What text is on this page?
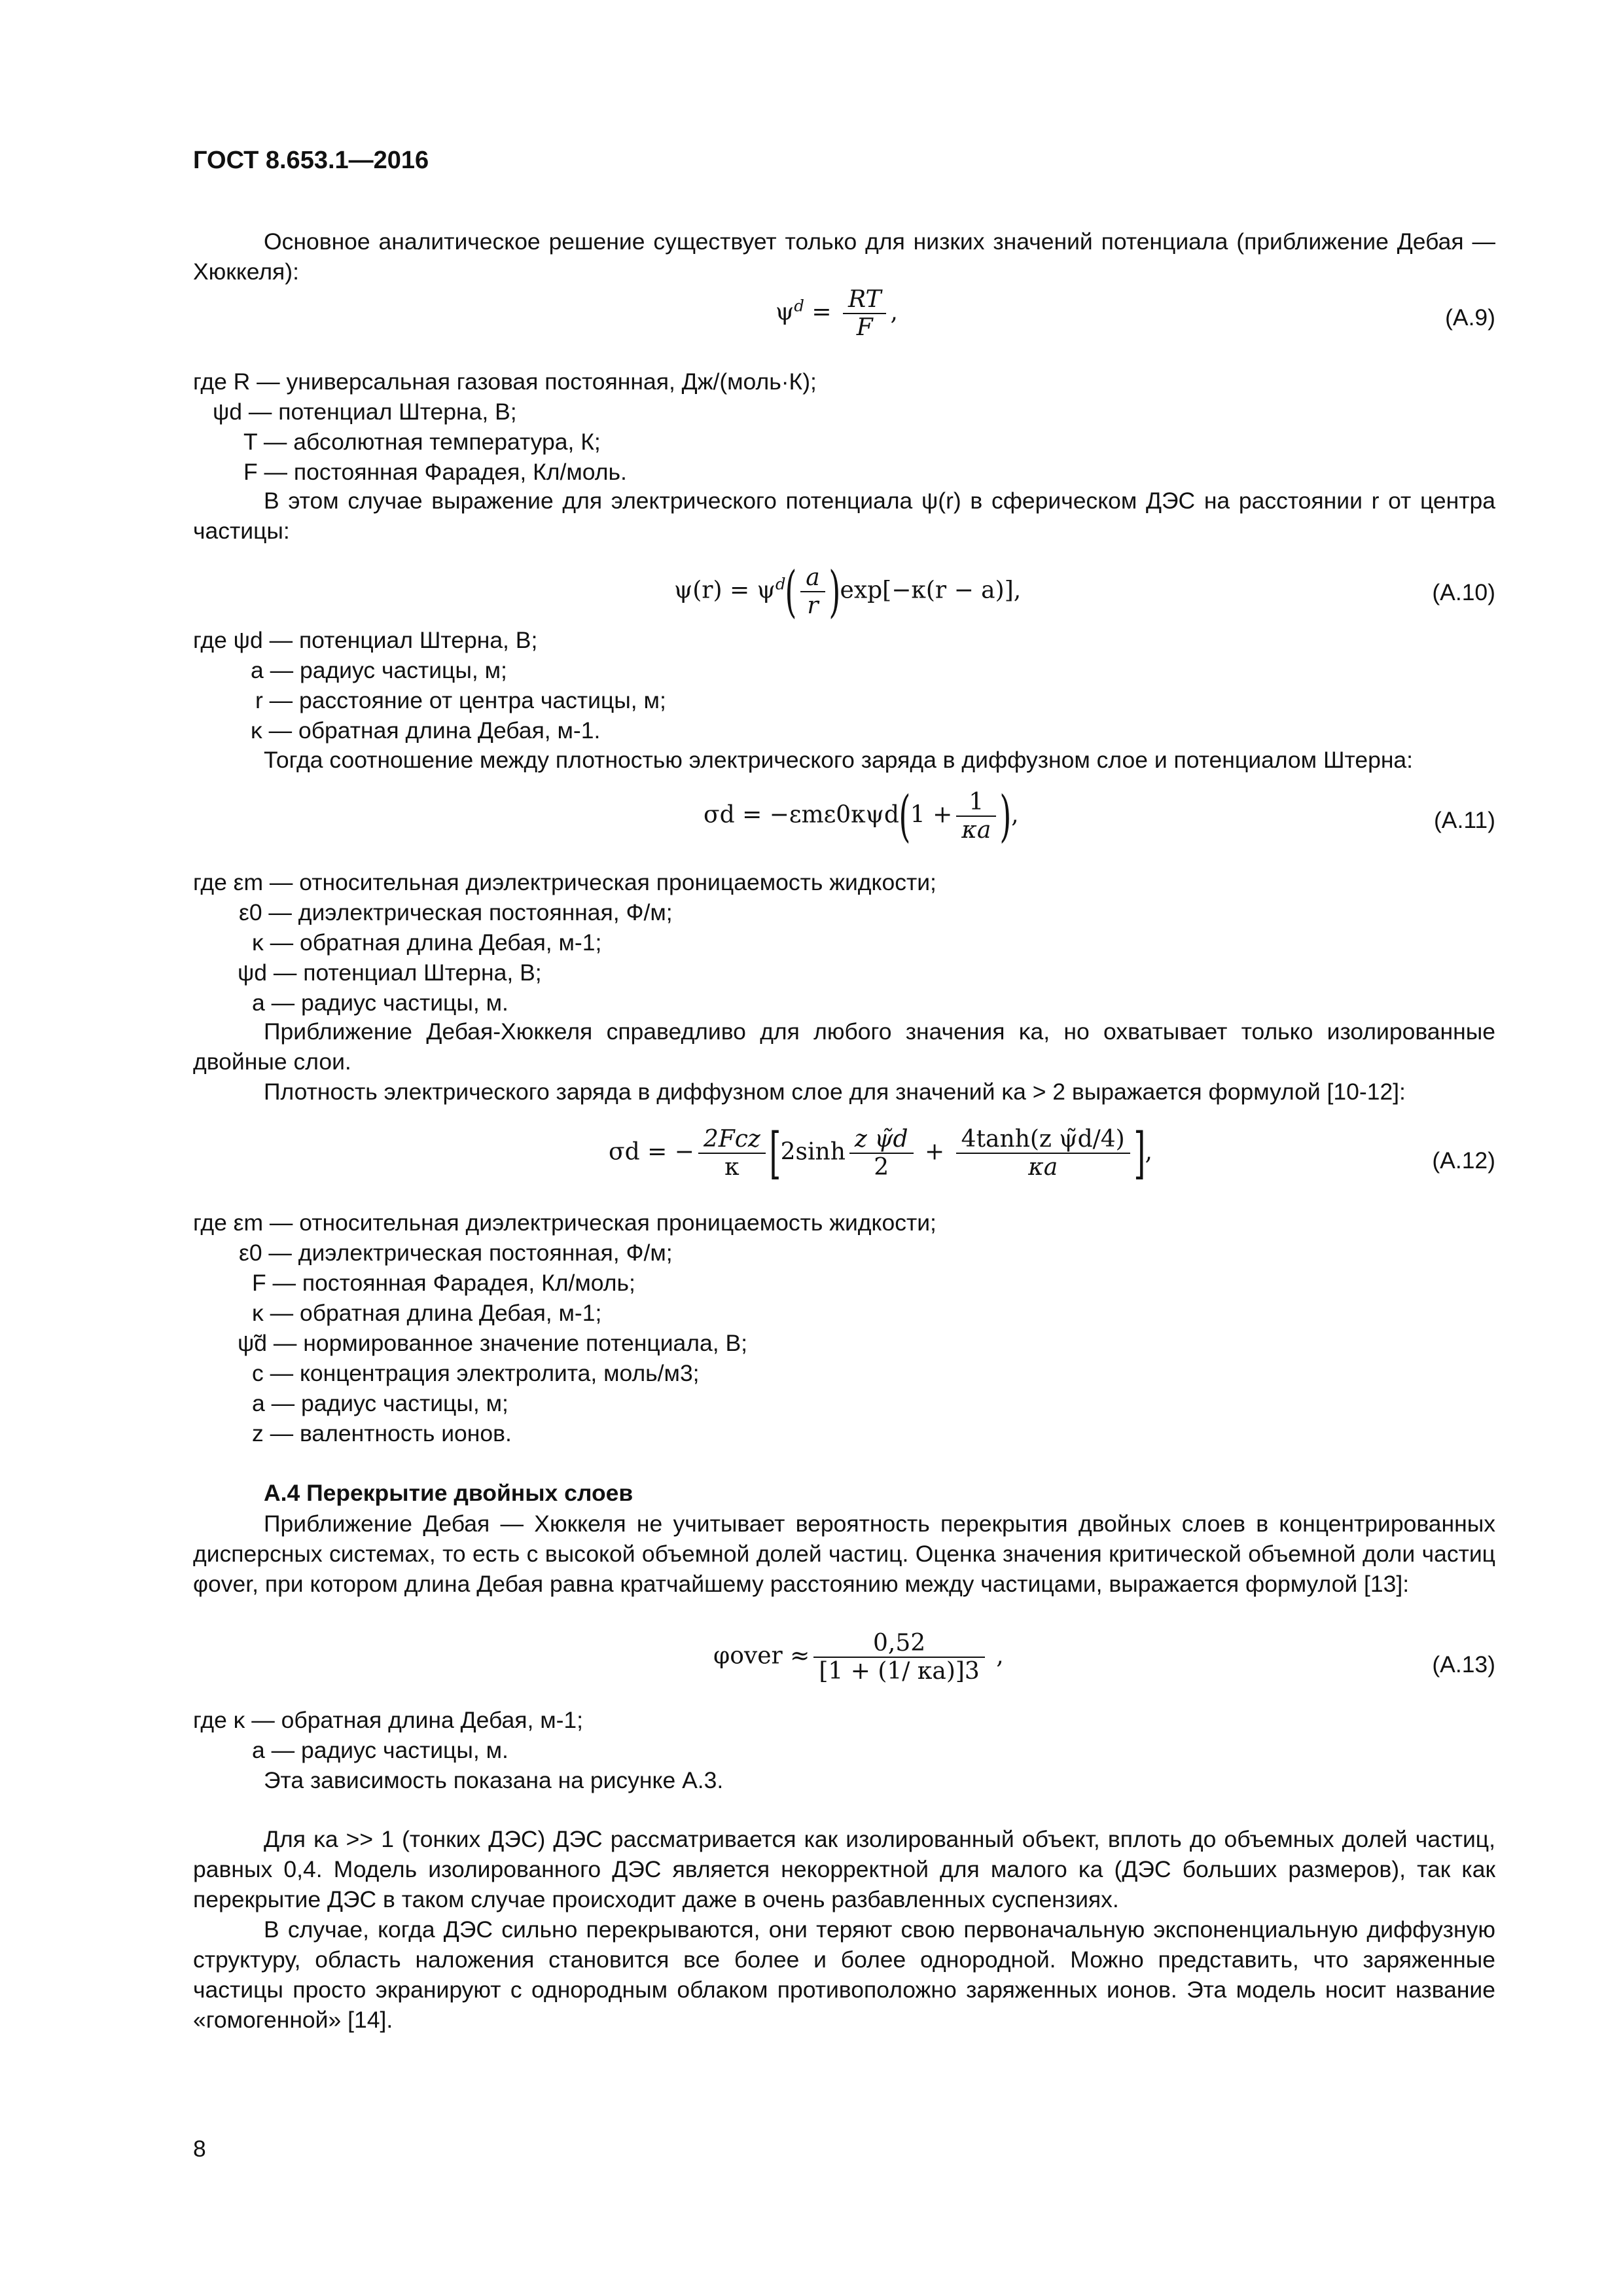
ГОСТ 8.653.1—2016
Основное аналитическое решение существует только для низких значений потенциала (приближение Дебая — Хюккеля):
$\psi^d = \frac{RT}{F}$ ,	(А.9)
где R — универсальная газовая постоянная, Дж/(моль·К);
ψd — потенциал Штерна, В;
T — абсолютная температура, К;
F — постоянная Фарадея, Кл/моль.
В этом случае выражение для электрического потенциала ψ(r) в сферическом ДЭС на расстоянии r от центра частицы:
$\psi(r) = \psi^d( \frac{a}{r} )\exp[-\kappa(r - a)]$,	(А.10)
где ψd — потенциал Штерна, В;
a — радиус частицы, м;
r — расстояние от центра частицы, м;
κ — обратная длина Дебая, м-1.
Тогда соотношение между плотностью электрического заряда в диффузном слое и потенциалом Штерна:
$\sigma d = -\varepsilon m\varepsilon 0\kappa\psi d(1 + \frac{1}{\kappa a}$ ),	(А.11)
где εm — относительная диэлектрическая проницаемость жидкости;
ε0 — диэлектрическая постоянная, Ф/м;
κ — обратная длина Дебая, м-1;
ψd — потенциал Штерна, В;
a — радиус частицы, м.
Приближение Дебая-Хюккеля справедливо для любого значения κa, но охватывает только изолированные двойные слои.
Плотность электрического заряда в диффузном слое для значений κa > 2 выражается формулой [10-12]:
σd = − $\frac{\text{2Fcz}}{\kappa} [2\sinh \frac{\text{z ψ̃d}}{2} + \frac{\text{4tanh(z ψ̃d/4)}}{\kappa a}$ ],	(А.12)
где εm — относительная диэлектрическая проницаемость жидкости;
ε0 — диэлектрическая постоянная, Ф/м;
F — постоянная Фарадея, Кл/моль;
κ — обратная длина Дебая, м-1;
ψ̃d — нормированное значение потенциала, В;
c — концентрация электролита, моль/м3;
a — радиус частицы, м;
z — валентность ионов.
А.4 Перекрытие двойных слоев
Приближение Дебая — Хюккеля не учитывает вероятность перекрытия двойных слоев в концентрированных дисперсных системах, то есть с высокой объемной долей частиц. Оценка значения критической объемной доли частиц φover, при котором длина Дебая равна кратчайшему расстоянию между частицами, выражается формулой [13]:
φover ≈ $\frac{0,52}{[1 + (1/ \kappa a)]3}$ ,	(А.13)
где κ — обратная длина Дебая, м-1;
a — радиус частицы, м.
Эта зависимость показана на рисунке А.3.
Для κa >> 1 (тонких ДЭС) ДЭС рассматривается как изолированный объект, вплоть до объемных долей частиц, равных 0,4. Модель изолированного ДЭС является некорректной для малого κa (ДЭС больших размеров), так как перекрытие ДЭС в таком случае происходит даже в очень разбавленных суспензиях.
В случае, когда ДЭС сильно перекрываются, они теряют свою первоначальную экспоненциальную диффузную структуру, область наложения становится все более и более однородной. Можно представить, что заряженные частицы просто экранируют с однородным облаком противоположно заряженных ионов. Эта модель носит название «гомогенной» [14].
8
